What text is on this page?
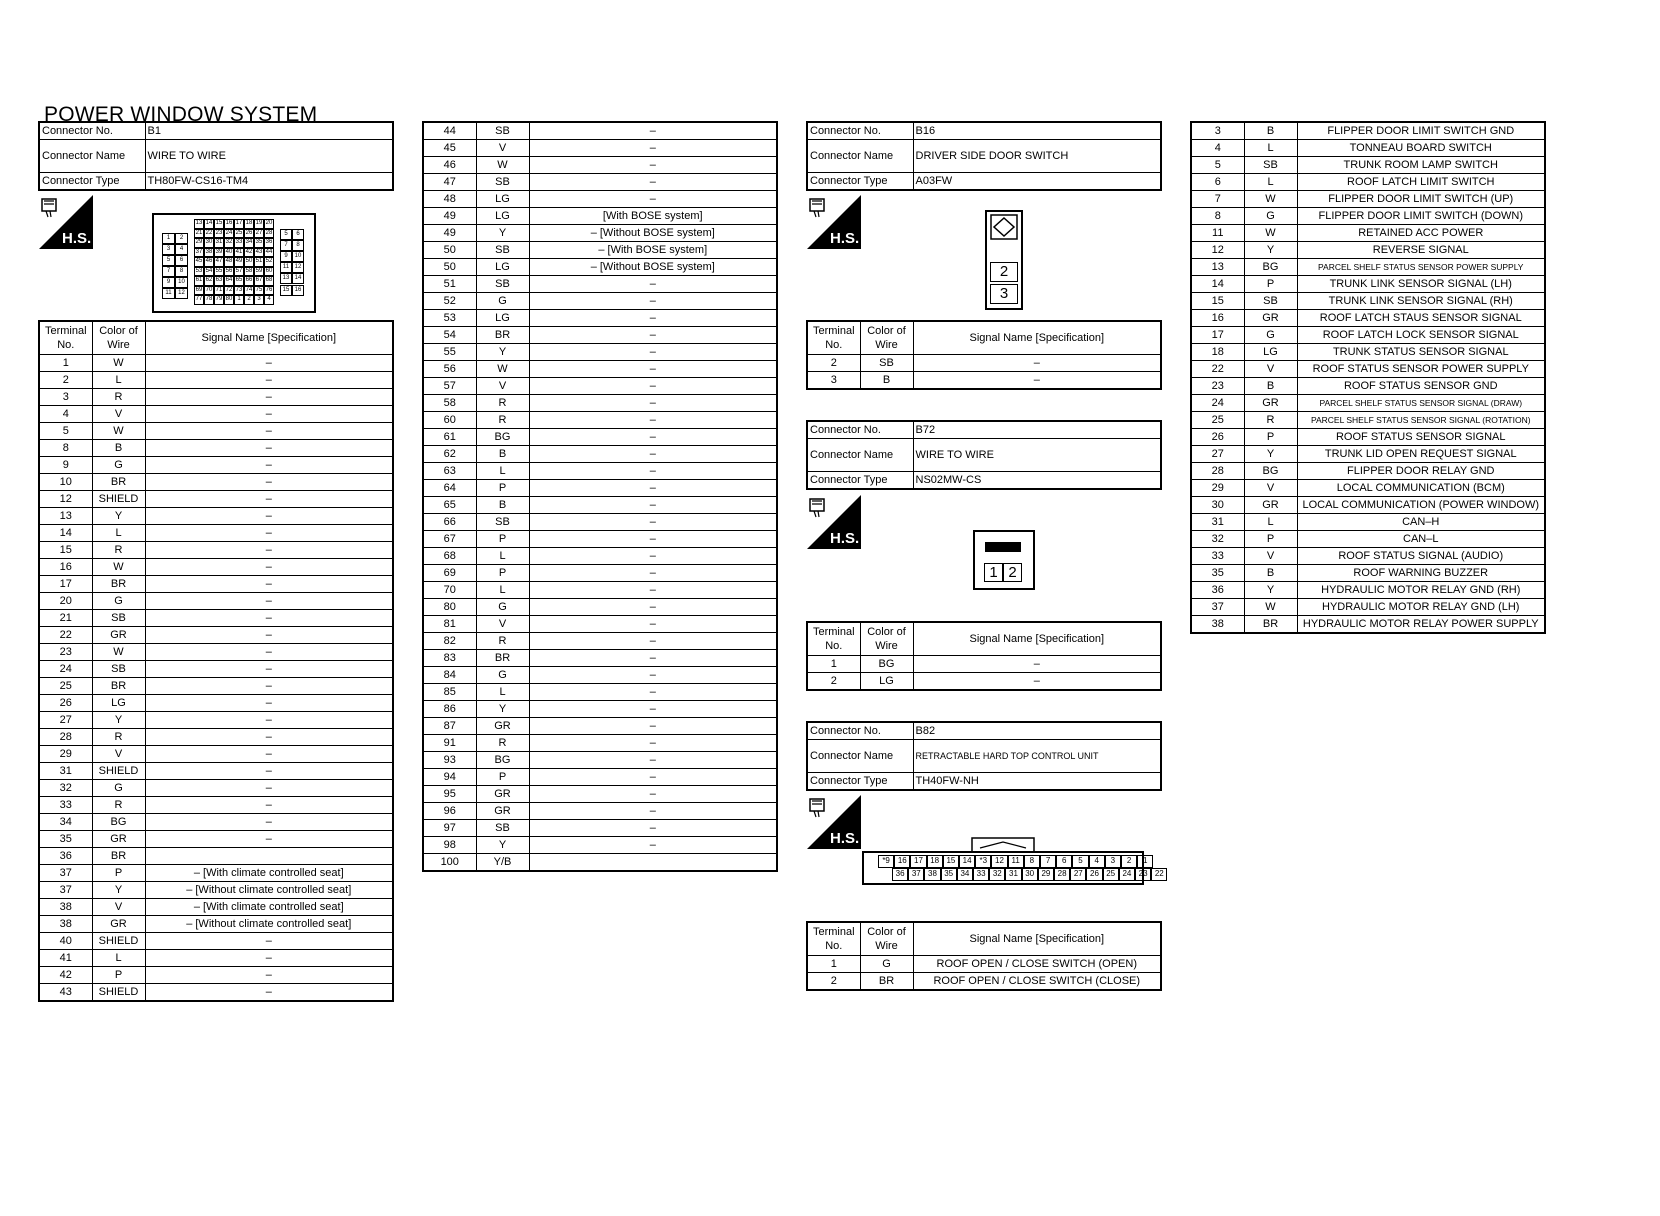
POWER WINDOW SYSTEM
Connector No.	B1
Connector Name	WIRE TO WIRE
Connector Type	TH80FW-CS16-TM4
H.S.	1	2
3	4
5	6
7	8
9	10
11	12
13 14 15 16 17 18 19 20
21 22 23 24 25 26 27 28
29 30 31 32 33 34 35 36
37 38 39 40 41 42 43 44
45 46 47 48 49 50 51 52
53 54 55 56 57 58 59 60
61 62 63 64 65 66 67 68
69 70 71 72 73 74 75 76
77 78 79 80 1	2	3	4
5	6
7	8
9	10
11 12
13 14
15 16
Terminal No.	Color of Wire	Signal Name [Specification]
1	W	–
2	L	–
3	R	–
4	V	–
5	W	–
8	B	–
9	G	–
10	BR	–
12	SHIELD	–
13	Y	–
14	L	–
15	R	–
16	W	–
17	BR	–
20	G	–
21	SB	–
22	GR	–
23	W	–
24	SB	–
25	BR	–
26	LG	–
27	Y	–
28	R	–
29	V	–
31	SHIELD	–
32	G	–
33	R	–
34	BG	–
35	GR	–
36	BR	
37	P	– [With climate controlled seat]
37	Y	– [Without climate controlled seat]
38	V	– [With climate controlled seat]
38	GR	– [Without climate controlled seat]
40	SHIELD	–
41	L	–
42	P	–
43	SHIELD	–
44	SB	–
45	V	–
46	W	–
47	SB	–
48	LG	–
49	LG	[With BOSE system]
49	Y	– [Without BOSE system]
50	SB	– [With BOSE system]
50	LG	– [Without BOSE system]
51	SB	–
52	G	–
53	LG	–
54	BR	–
55	Y	–
56	W	–
57	V	–
58	R	–
60	R	–
61	BG	–
62	B	–
63	L	–
64	P	–
65	B	–
66	SB	–
67	P	–
68	L	–
69	P	–
70	L	–
80	G	–
81	V	–
82	R	–
83	BR	–
84	G	–
85	L	–
86	Y	–
87	GR	–
91	R	–
93	BG	–
94	P	–
95	GR	–
96	GR	–
97	SB	–
98	Y	–
100	Y/B	
Connector No.	B16
Connector Name	DRIVER SIDE DOOR SWITCH
Connector Type	A03FW
H.S.
2
3
Terminal No.	Color of Wire	Signal Name [Specification]
2	SB	–
3	B	–
Connector No.	B72
Connector Name	WIRE TO WIRE
Connector Type	NS02MW-CS
H.S.
1 2
Terminal No.	Color of Wire	Signal Name [Specification]
1	BG	–
2	LG	–
Connector No.	B82
Connector Name	RETRACTABLE HARD TOP CONTROL UNIT
Connector Type	TH40FW-NH
H.S.
*9 16 17 18 15 14 *3 12 11	8	7	6	5	4	3	2	1
36 37 38 35 34 33 32 31 30 29 28 27 26 25 24 23 22
Terminal No.	Color of Wire	Signal Name [Specification]
1	G	ROOF OPEN / CLOSE SWITCH (OPEN)
2	BR	ROOF OPEN / CLOSE SWITCH (CLOSE)
3	B	FLIPPER DOOR LIMIT SWITCH GND
4	L	TONNEAU BOARD SWITCH
5	SB	TRUNK ROOM LAMP SWITCH
6	L	ROOF LATCH LIMIT SWITCH
7	W	FLIPPER DOOR LIMIT SWITCH (UP)
8	G	FLIPPER DOOR LIMIT SWITCH (DOWN)
11	W	RETAINED ACC POWER
12	Y	REVERSE SIGNAL
13	BG	PARCEL SHELF STATUS SENSOR POWER SUPPLY
14	P	TRUNK LINK SENSOR SIGNAL (LH)
15	SB	TRUNK LINK SENSOR SIGNAL (RH)
16	GR	ROOF LATCH STAUS SENSOR SIGNAL
17	G	ROOF LATCH LOCK SENSOR SIGNAL
18	LG	TRUNK STATUS SENSOR SIGNAL
22	V	ROOF STATUS SENSOR POWER SUPPLY
23	B	ROOF STATUS SENSOR GND
24	GR	PARCEL SHELF STATUS SENSOR SIGNAL (DRAW)
25	R	PARCEL SHELF STATUS SENSOR SIGNAL (ROTATION)
26	P	ROOF STATUS SENSOR SIGNAL
27	Y	TRUNK LID OPEN REQUEST SIGNAL
28	BG	FLIPPER DOOR RELAY GND
29	V	LOCAL COMMUNICATION (BCM)
30	GR	LOCAL COMMUNICATION (POWER WINDOW)
31	L	CAN–H
32	P	CAN–L
33	V	ROOF STATUS SIGNAL (AUDIO)
35	B	ROOF WARNING BUZZER
36	Y	HYDRAULIC MOTOR RELAY GND (RH)
37	W	HYDRAULIC MOTOR RELAY GND (LH)
38	BR	HYDRAULIC MOTOR RELAY POWER SUPPLY
